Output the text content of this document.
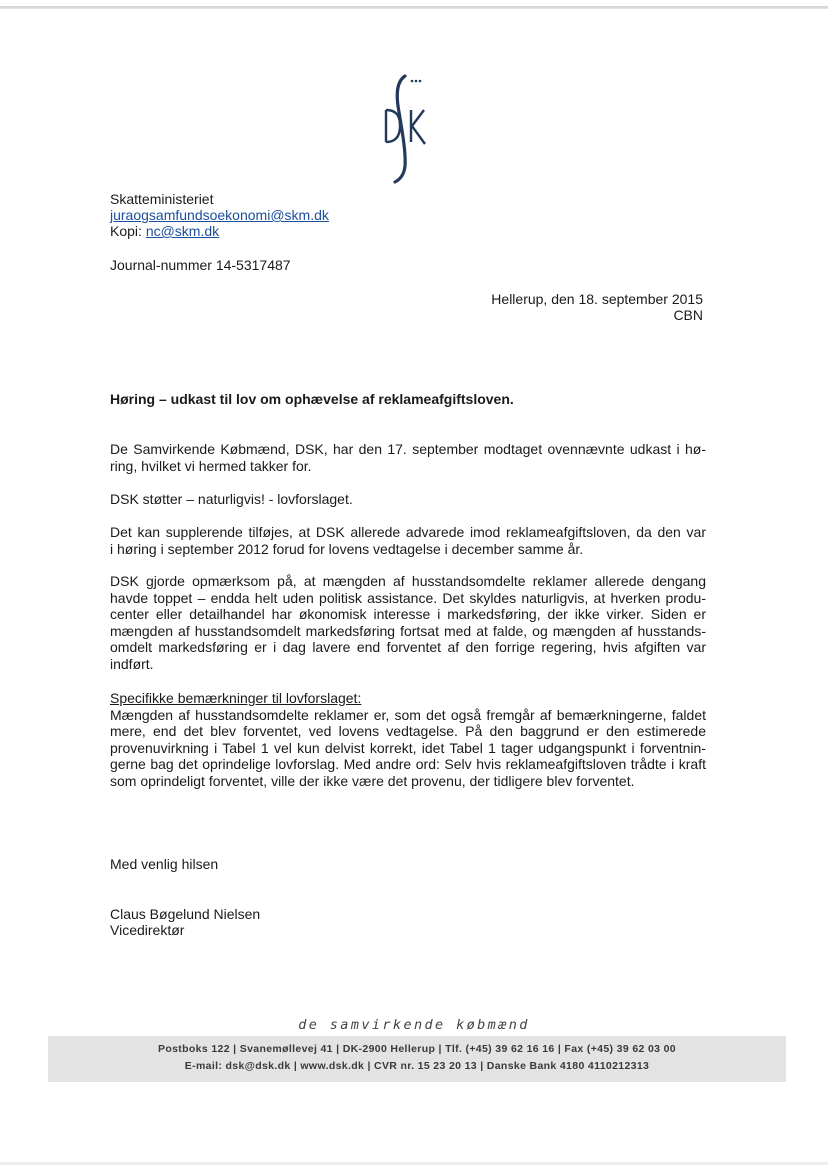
Skatteministeriet

juraogsamfundsoekonomi@skm.dk

Kopi: nc@skm.dk

Journal-nummer 14-5317487

Hellerup, den 18. september 2015

CBN

Høring – udkast til lov om ophævelse af reklameafgiftsloven.

De Samvirkende Købmænd, DSK, har den 17. september modtaget ovennævnte udkast i hø-
ring, hvilket vi hermed takker for.
DSK støtter – naturligvis! - lovforslaget.
Det kan supplerende tilføjes, at DSK allerede advarede imod reklameafgiftsloven, da den var
i høring i september 2012 forud for lovens vedtagelse i december samme år.
DSK gjorde opmærksom på, at mængden af husstandsomdelte reklamer allerede dengang
havde toppet – endda helt uden politisk assistance. Det skyldes naturligvis, at hverken produ-
center eller detailhandel har økonomisk interesse i markedsføring, der ikke virker. Siden er
mængden af husstandsomdelt markedsføring fortsat med at falde, og mængden af husstands-
omdelt markedsføring er i dag lavere end forventet af den forrige regering, hvis afgiften var
indført.
Specifikke bemærkninger til lovforslaget:
Mængden af husstandsomdelte reklamer er, som det også fremgår af bemærkningerne, faldet
mere, end det blev forventet, ved lovens vedtagelse. På den baggrund er den estimerede
provenuvirkning i Tabel 1 vel kun delvist korrekt, idet Tabel 1 tager udgangspunkt i forventnin-
gerne bag det oprindelige lovforslag. Med andre ord: Selv hvis reklameafgiftsloven trådte i kraft
som oprindeligt forventet, ville der ikke være det provenu, der tidligere blev forventet.

Med venlig hilsen

Claus Bøgelund Nielsen

Vicedirektør

de samvirkende købmænd
Postboks 122 | Svanemøllevej 41 | DK-2900 Hellerup | Tlf. (+45) 39 62 16 16 | Fax (+45) 39 62 03 00
E-mail: dsk@dsk.dk | www.dsk.dk | CVR nr. 15 23 20 13 | Danske Bank 4180 4110212313
